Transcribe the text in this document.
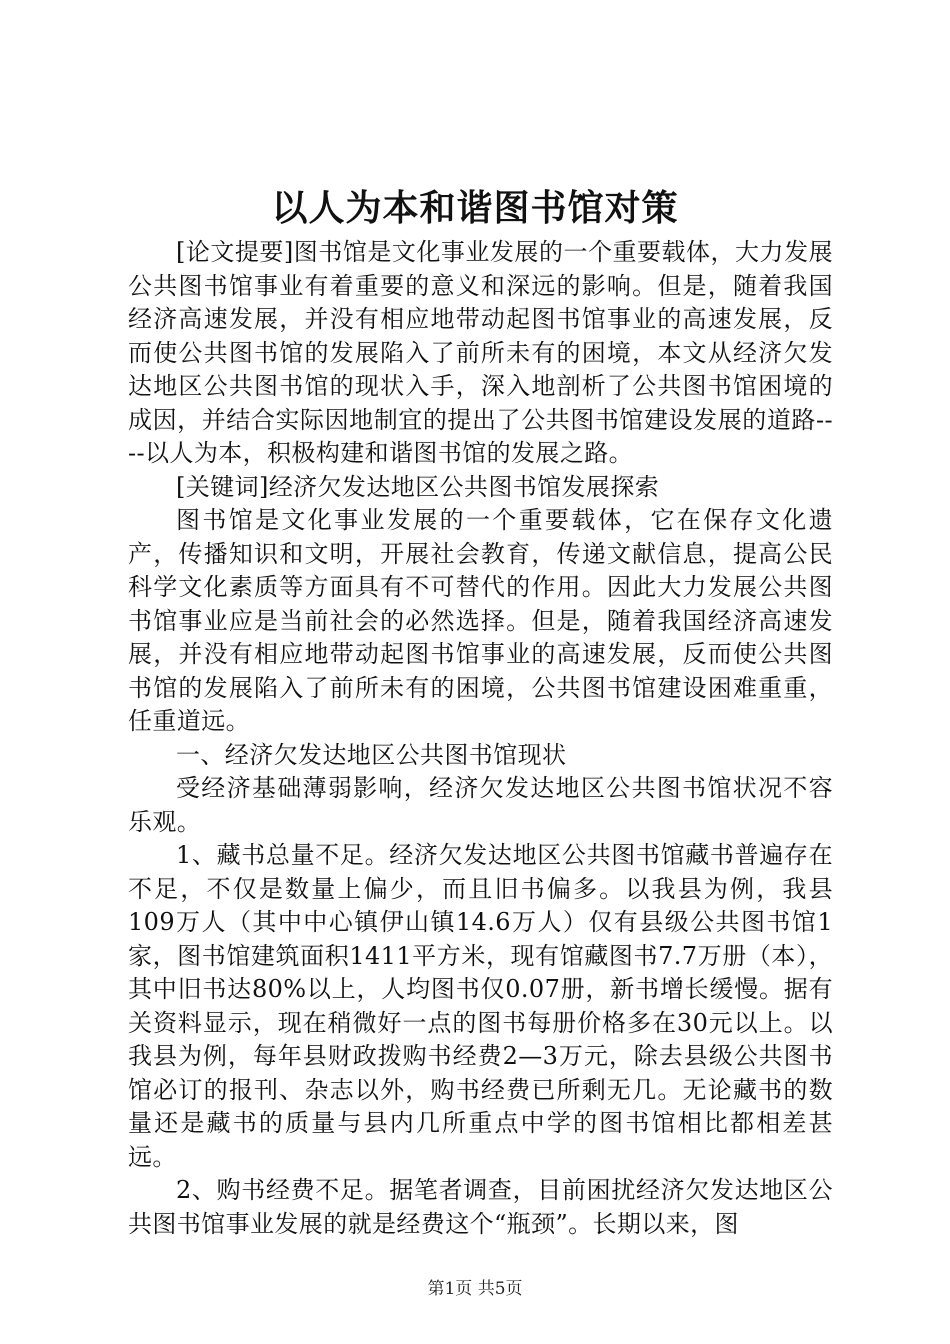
以人为本和谐图书馆对策

[论文提要]图书馆是文化事业发展的一个重要载体，大力发展公共图书馆事业有着重要的意义和深远的影响。但是，随着我国经济高速发展，并没有相应地带动起图书馆事业的高速发展，反而使公共图书馆的发展陷入了前所未有的困境，本文从经济欠发达地区公共图书馆的现状入手，深入地剖析了公共图书馆困境的成因，并结合实际因地制宜的提出了公共图书馆建设发展的道路----以人为本，积极构建和谐图书馆的发展之路。

[关键词]经济欠发达地区公共图书馆发展探索

图书馆是文化事业发展的一个重要载体，它在保存文化遗产，传播知识和文明，开展社会教育，传递文献信息，提高公民科学文化素质等方面具有不可替代的作用。因此大力发展公共图书馆事业应是当前社会的必然选择。但是，随着我国经济高速发展，并没有相应地带动起图书馆事业的高速发展，反而使公共图书馆的发展陷入了前所未有的困境，公共图书馆建设困难重重，任重道远。

一、经济欠发达地区公共图书馆现状

受经济基础薄弱影响，经济欠发达地区公共图书馆状况不容乐观。

1、藏书总量不足。经济欠发达地区公共图书馆藏书普遍存在不足，不仅是数量上偏少，而且旧书偏多。以我县为例，我县109万人（其中中心镇伊山镇14.6万人）仅有县级公共图书馆1家，图书馆建筑面积1411平方米，现有馆藏图书7.7万册（本），其中旧书达80%以上，人均图书仅0.07册，新书增长缓慢。据有关资料显示，现在稍微好一点的图书每册价格多在30元以上。以我县为例，每年县财政拨购书经费2—3万元，除去县级公共图书馆必订的报刊、杂志以外，购书经费已所剩无几。无论藏书的数量还是藏书的质量与县内几所重点中学的图书馆相比都相差甚远。

2、购书经费不足。据笔者调查，目前困扰经济欠发达地区公共图书馆事业发展的就是经费这个“瓶颈”。长期以来，图

第1页 共5页
